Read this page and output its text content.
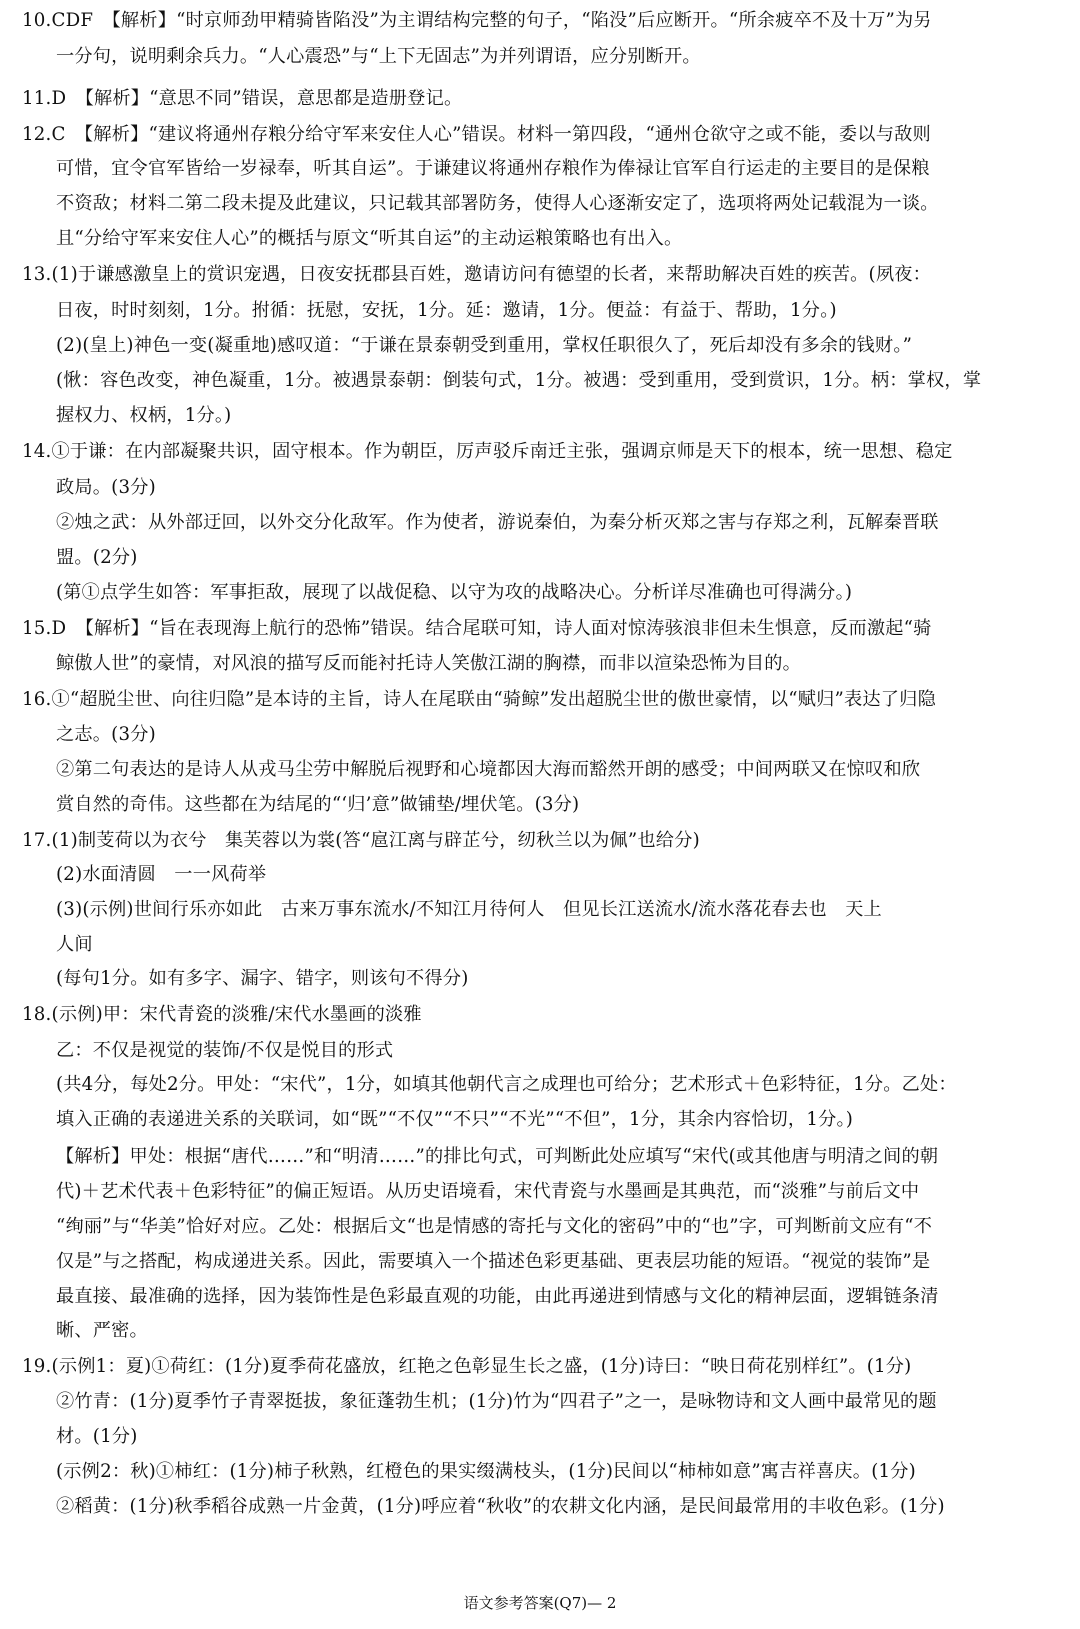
10.CDF　【解析】“时京师劲甲精骑皆陷没”为主谓结构完整的句子，“陷没”后应断开。“所余疲卒不及十万”为另

一分句，说明剩余兵力。“人心震恐”与“上下无固志”为并列谓语，应分别断开。

11.D　【解析】“意思不同”错误，意思都是造册登记。

12.C　【解析】“建议将通州存粮分给守军来安住人心”错误。材料一第四段，“通州仓欲守之或不能，委以与敌则

可惜，宜令官军皆给一岁禄奉，听其自运”。于谦建议将通州存粮作为俸禄让官军自行运走的主要目的是保粮

不资敌；材料二第二段未提及此建议，只记载其部署防务，使得人心逐渐安定了，选项将两处记载混为一谈。

且“分给守军来安住人心”的概括与原文“听其自运”的主动运粮策略也有出入。

13.(1)于谦感激皇上的赏识宠遇，日夜安抚郡县百姓，邀请访问有德望的长者，来帮助解决百姓的疾苦。(夙夜：

日夜，时时刻刻，1分。拊循：抚慰，安抚，1分。延：邀请，1分。便益：有益于、帮助，1分。)

(2)(皇上)神色一变(凝重地)感叹道：“于谦在景泰朝受到重用，掌权任职很久了，死后却没有多余的钱财。”

(愀：容色改变，神色凝重，1分。被遇景泰朝：倒装句式，1分。被遇：受到重用，受到赏识，1分。柄：掌权，掌

握权力、权柄，1分。)

14.①于谦：在内部凝聚共识，固守根本。作为朝臣，厉声驳斥南迁主张，强调京师是天下的根本，统一思想、稳定

政局。(3分)

②烛之武：从外部迂回，以外交分化敌军。作为使者，游说秦伯，为秦分析灭郑之害与存郑之利，瓦解秦晋联

盟。(2分)

(第①点学生如答：军事拒敌，展现了以战促稳、以守为攻的战略决心。分析详尽准确也可得满分。)

15.D　【解析】“旨在表现海上航行的恐怖”错误。结合尾联可知，诗人面对惊涛骇浪非但未生惧意，反而激起“骑

鲸傲人世”的豪情，对风浪的描写反而能衬托诗人笑傲江湖的胸襟，而非以渲染恐怖为目的。

16.①“超脱尘世、向往归隐”是本诗的主旨，诗人在尾联由“骑鲸”发出超脱尘世的傲世豪情，以“赋归”表达了归隐

之志。(3分)

②第二句表达的是诗人从戎马尘劳中解脱后视野和心境都因大海而豁然开朗的感受；中间两联又在惊叹和欣

赏自然的奇伟。这些都在为结尾的“‘归’意”做铺垫/埋伏笔。(3分)

17.(1)制芰荷以为衣兮　集芙蓉以为裳(答“扈江离与辟芷兮，纫秋兰以为佩”也给分)

(2)水面清圆　一一风荷举

(3)(示例)世间行乐亦如此　古来万事东流水/不知江月待何人　但见长江送流水/流水落花春去也　天上

人间

(每句1分。如有多字、漏字、错字，则该句不得分)

18.(示例)甲：宋代青瓷的淡雅/宋代水墨画的淡雅

乙：不仅是视觉的装饰/不仅是悦目的形式

(共4分，每处2分。甲处：“宋代”，1分，如填其他朝代言之成理也可给分；艺术形式＋色彩特征，1分。乙处：

填入正确的表递进关系的关联词，如“既”“不仅”“不只”“不光”“不但”，1分，其余内容恰切，1分。)

【解析】甲处：根据“唐代……”和“明清……”的排比句式，可判断此处应填写“宋代(或其他唐与明清之间的朝

代)＋艺术代表＋色彩特征”的偏正短语。从历史语境看，宋代青瓷与水墨画是其典范，而“淡雅”与前后文中

“绚丽”与“华美”恰好对应。乙处：根据后文“也是情感的寄托与文化的密码”中的“也”字，可判断前文应有“不

仅是”与之搭配，构成递进关系。因此，需要填入一个描述色彩更基础、更表层功能的短语。“视觉的装饰”是

最直接、最准确的选择，因为装饰性是色彩最直观的功能，由此再递进到情感与文化的精神层面，逻辑链条清

晰、严密。

19.(示例1：夏)①荷红：(1分)夏季荷花盛放，红艳之色彰显生长之盛，(1分)诗曰：“映日荷花别样红”。(1分)

②竹青：(1分)夏季竹子青翠挺拔，象征蓬勃生机；(1分)竹为“四君子”之一，是咏物诗和文人画中最常见的题

材。(1分)

(示例2：秋)①柿红：(1分)柿子秋熟，红橙色的果实缀满枝头，(1分)民间以“柿柿如意”寓吉祥喜庆。(1分)

②稻黄：(1分)秋季稻谷成熟一片金黄，(1分)呼应着“秋收”的农耕文化内涵，是民间最常用的丰收色彩。(1分)

语文参考答案(Q7)— 2
